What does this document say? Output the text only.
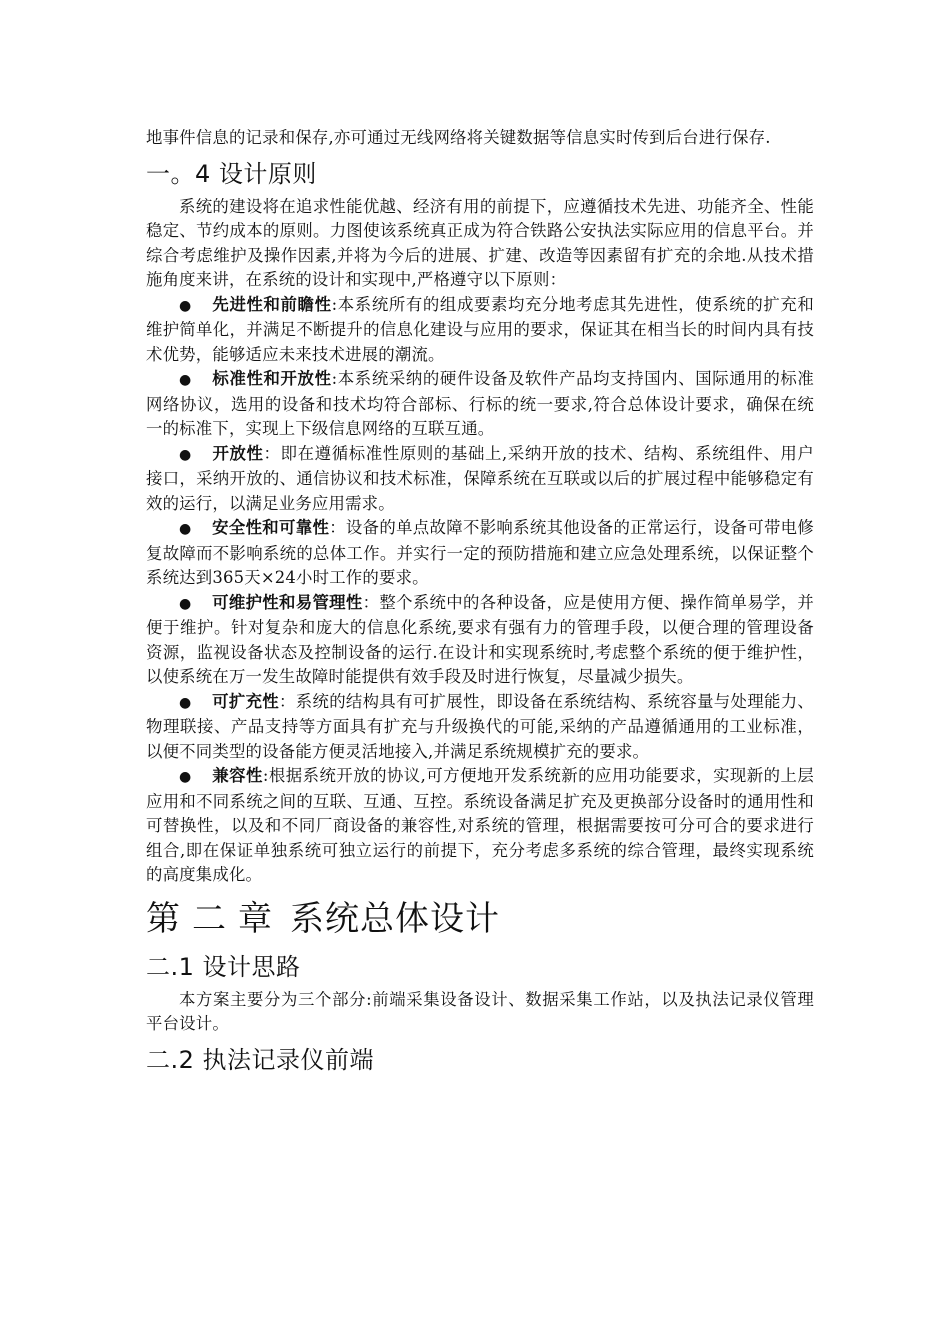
地事件信息的记录和保存,亦可通过无线网络将关键数据等信息实时传到后台进行保存.

一。4 设计原则

系统的建设将在追求性能优越、经济有用的前提下，应遵循技术先进、功能齐全、性能稳定、节约成本的原则。力图使该系统真正成为符合铁路公安执法实际应用的信息平台。并综合考虑维护及操作因素,并将为今后的进展、扩建、改造等因素留有扩充的余地.从技术措施角度来讲，在系统的设计和实现中,严格遵守以下原则：

● 先进性和前瞻性:本系统所有的组成要素均充分地考虑其先进性，使系统的扩充和维护简单化，并满足不断提升的信息化建设与应用的要求，保证其在相当长的时间内具有技术优势，能够适应未来技术进展的潮流。

● 标准性和开放性:本系统采纳的硬件设备及软件产品均支持国内、国际通用的标准网络协议，选用的设备和技术均符合部标、行标的统一要求,符合总体设计要求，确保在统一的标准下，实现上下级信息网络的互联互通。

● 开放性：即在遵循标准性原则的基础上,采纳开放的技术、结构、系统组件、用户接口，采纳开放的、通信协议和技术标准，保障系统在互联或以后的扩展过程中能够稳定有效的运行，以满足业务应用需求。

● 安全性和可靠性：设备的单点故障不影响系统其他设备的正常运行，设备可带电修复故障而不影响系统的总体工作。并实行一定的预防措施和建立应急处理系统，以保证整个系统达到365天×24小时工作的要求。

● 可维护性和易管理性：整个系统中的各种设备，应是使用方便、操作简单易学，并便于维护。针对复杂和庞大的信息化系统,要求有强有力的管理手段，以便合理的管理设备资源，监视设备状态及控制设备的运行.在设计和实现系统时,考虑整个系统的便于维护性，以使系统在万一发生故障时能提供有效手段及时进行恢复，尽量减少损失。

● 可扩充性：系统的结构具有可扩展性，即设备在系统结构、系统容量与处理能力、物理联接、产品支持等方面具有扩充与升级换代的可能,采纳的产品遵循通用的工业标准，以便不同类型的设备能方便灵活地接入,并满足系统规模扩充的要求。

● 兼容性:根据系统开放的协议,可方便地开发系统新的应用功能要求，实现新的上层应用和不同系统之间的互联、互通、互控。系统设备满足扩充及更换部分设备时的通用性和可替换性，以及和不同厂商设备的兼容性,对系统的管理，根据需要按可分可合的要求进行组合,即在保证单独系统可独立运行的前提下，充分考虑多系统的综合管理，最终实现系统的高度集成化。

第二章 系统总体设计
二.1 设计思路

本方案主要分为三个部分:前端采集设备设计、数据采集工作站，以及执法记录仪管理平台设计。

二.2 执法记录仪前端
